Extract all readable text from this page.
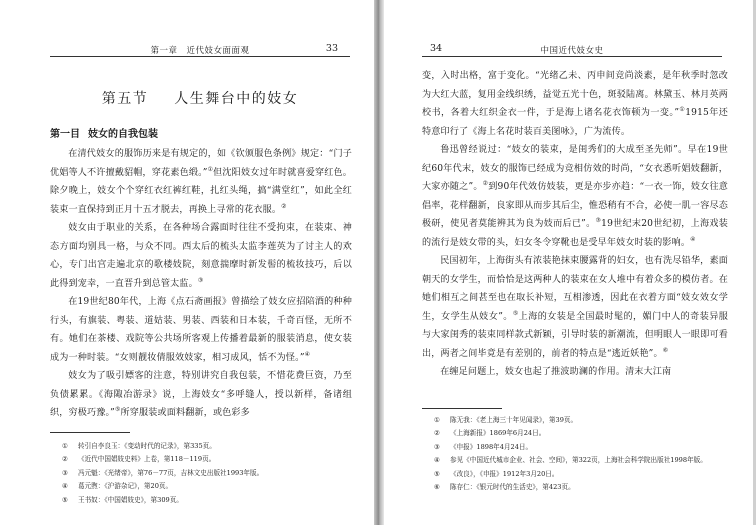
第一章　近代妓女面面观	33
第五节 人生舞台中的妓女
第一目 妓女的自我包装

在清代妓女的服饰历来是有规定的，如《钦颁服色条例》规定：“门子优娼等人不许擅戴貂帽，穿花素色缎。”①但沈阳妓女过年时就喜爱穿红色。除夕晚上，妓女个个穿红衣红裤红鞋，扎红头绳，搞“满堂红”，如此全红装束一直保持到正月十五才脱去，再换上寻常的花衣服。②

妓女由于职业的关系，在各种场合露面时往往不受拘束，在装束、神态方面均别具一格，与众不同。西太后的梳头太监李莲英为了讨主人的欢心，专门出宫走遍北京的歌楼妓院，刻意揣摩时新发髻的梳妆技巧，后以此得到宠幸，一直晋升到总管太监。③

在19世纪80年代，上海《点石斋画报》曾描绘了妓女应招陪酒的种种行头，有旗装、粤装、道姑装、男装、西装和日本装，千奇百怪，无所不有。她们在茶楼、戏院等公共场所客观上传播着最新的服装消息，使女装成为一种时装。“女则靓妆倩服效妓家，相习成风，恬不为怪。”④

妓女为了吸引嫖客的注意，特别讲究自我包装，不惜花费巨资，乃至负债累累。《海陬冶游录》说，上海妓女“多呼缝人，授以新样，备诸组织，穷极巧豫。”⑤所穿服装或面料翻新，或色彩多

①	转引自李良玉：《变动时代的记录》，第335页。
②	《近代中国娼妓史料》上卷，第118－119页。
③	冯元魁：《光绪帝》，第76－77页，吉林文史出版社1993年版。
④	葛元煦：《沪游杂记》，第20页。
⑤	王书奴：《中国娼妓史》，第309页。
34	中国近代妓女史

变，入时出格，富于变化。“光绪乙未、丙申间竞尚淡素，是年秋季时忽改为大红大蓝，复用金线织绣，益觉五光十色，斑驳陆离。林黛玉、林月英两校书，各着大红织金衣一件，于是海上诸名花衣饰顿为一变。”①1915年还特意印行了《海上名花时装百美图咏》，广为流传。

鲁迅曾经说过：“妓女的装束，是闺秀们的大成至圣先师”。早在19世纪60年代末，妓女的服饰已经成为竞相仿效的时尚，“女衣悉听娼妓翻新，大家亦随之”。②到90年代效仿妓装，更是亦步亦趋：“一衣一饰，妓女往意倡率，花样翻新，良家即从而步其后尘，惟恐稍有不合，必使一肌一容尽态极研，使见者莫能辨其为良为妓而后已”。③19世纪末20世纪初，上海戏装的流行是妓女带的头，妇女冬令穿靴也是受早年妓女时装的影响。④

民国初年，上海街头有浓装艳抹束腰露背的妇女，也有洗尽铅华，素面朝天的女学生，而恰恰是这两种人的装束在女人堆中有着众多的模仿者。在她们相互之间甚至也在取长补短，互相渗透，因此在衣着方面“妓女效女学生，女学生从妓女”。⑤上海的女装是全国最时髦的，媚门中人的奇装异服与大家闺秀的装束同样款式新颖，引导时装的新潮流，但明眼人一眼即可看出，两者之间毕竟是有差别的，前者的特点是“逃近妖艳”。⑥

在缠足问题上，妓女也起了推波助澜的作用。清末大江南

①	陈无我：《老上海三十年见闻录》，第39页。
②	《上海新报》1869年6月24日。
③	《申报》1898年4月24日。
④	参见《中国近代城市企业、社会、空间》，第322页，上海社会科学院出版社1998年版。
⑤	《改良》，《申报》1912年3月20日。
⑥	陈存仁：《银元时代的生活史》，第423页。
